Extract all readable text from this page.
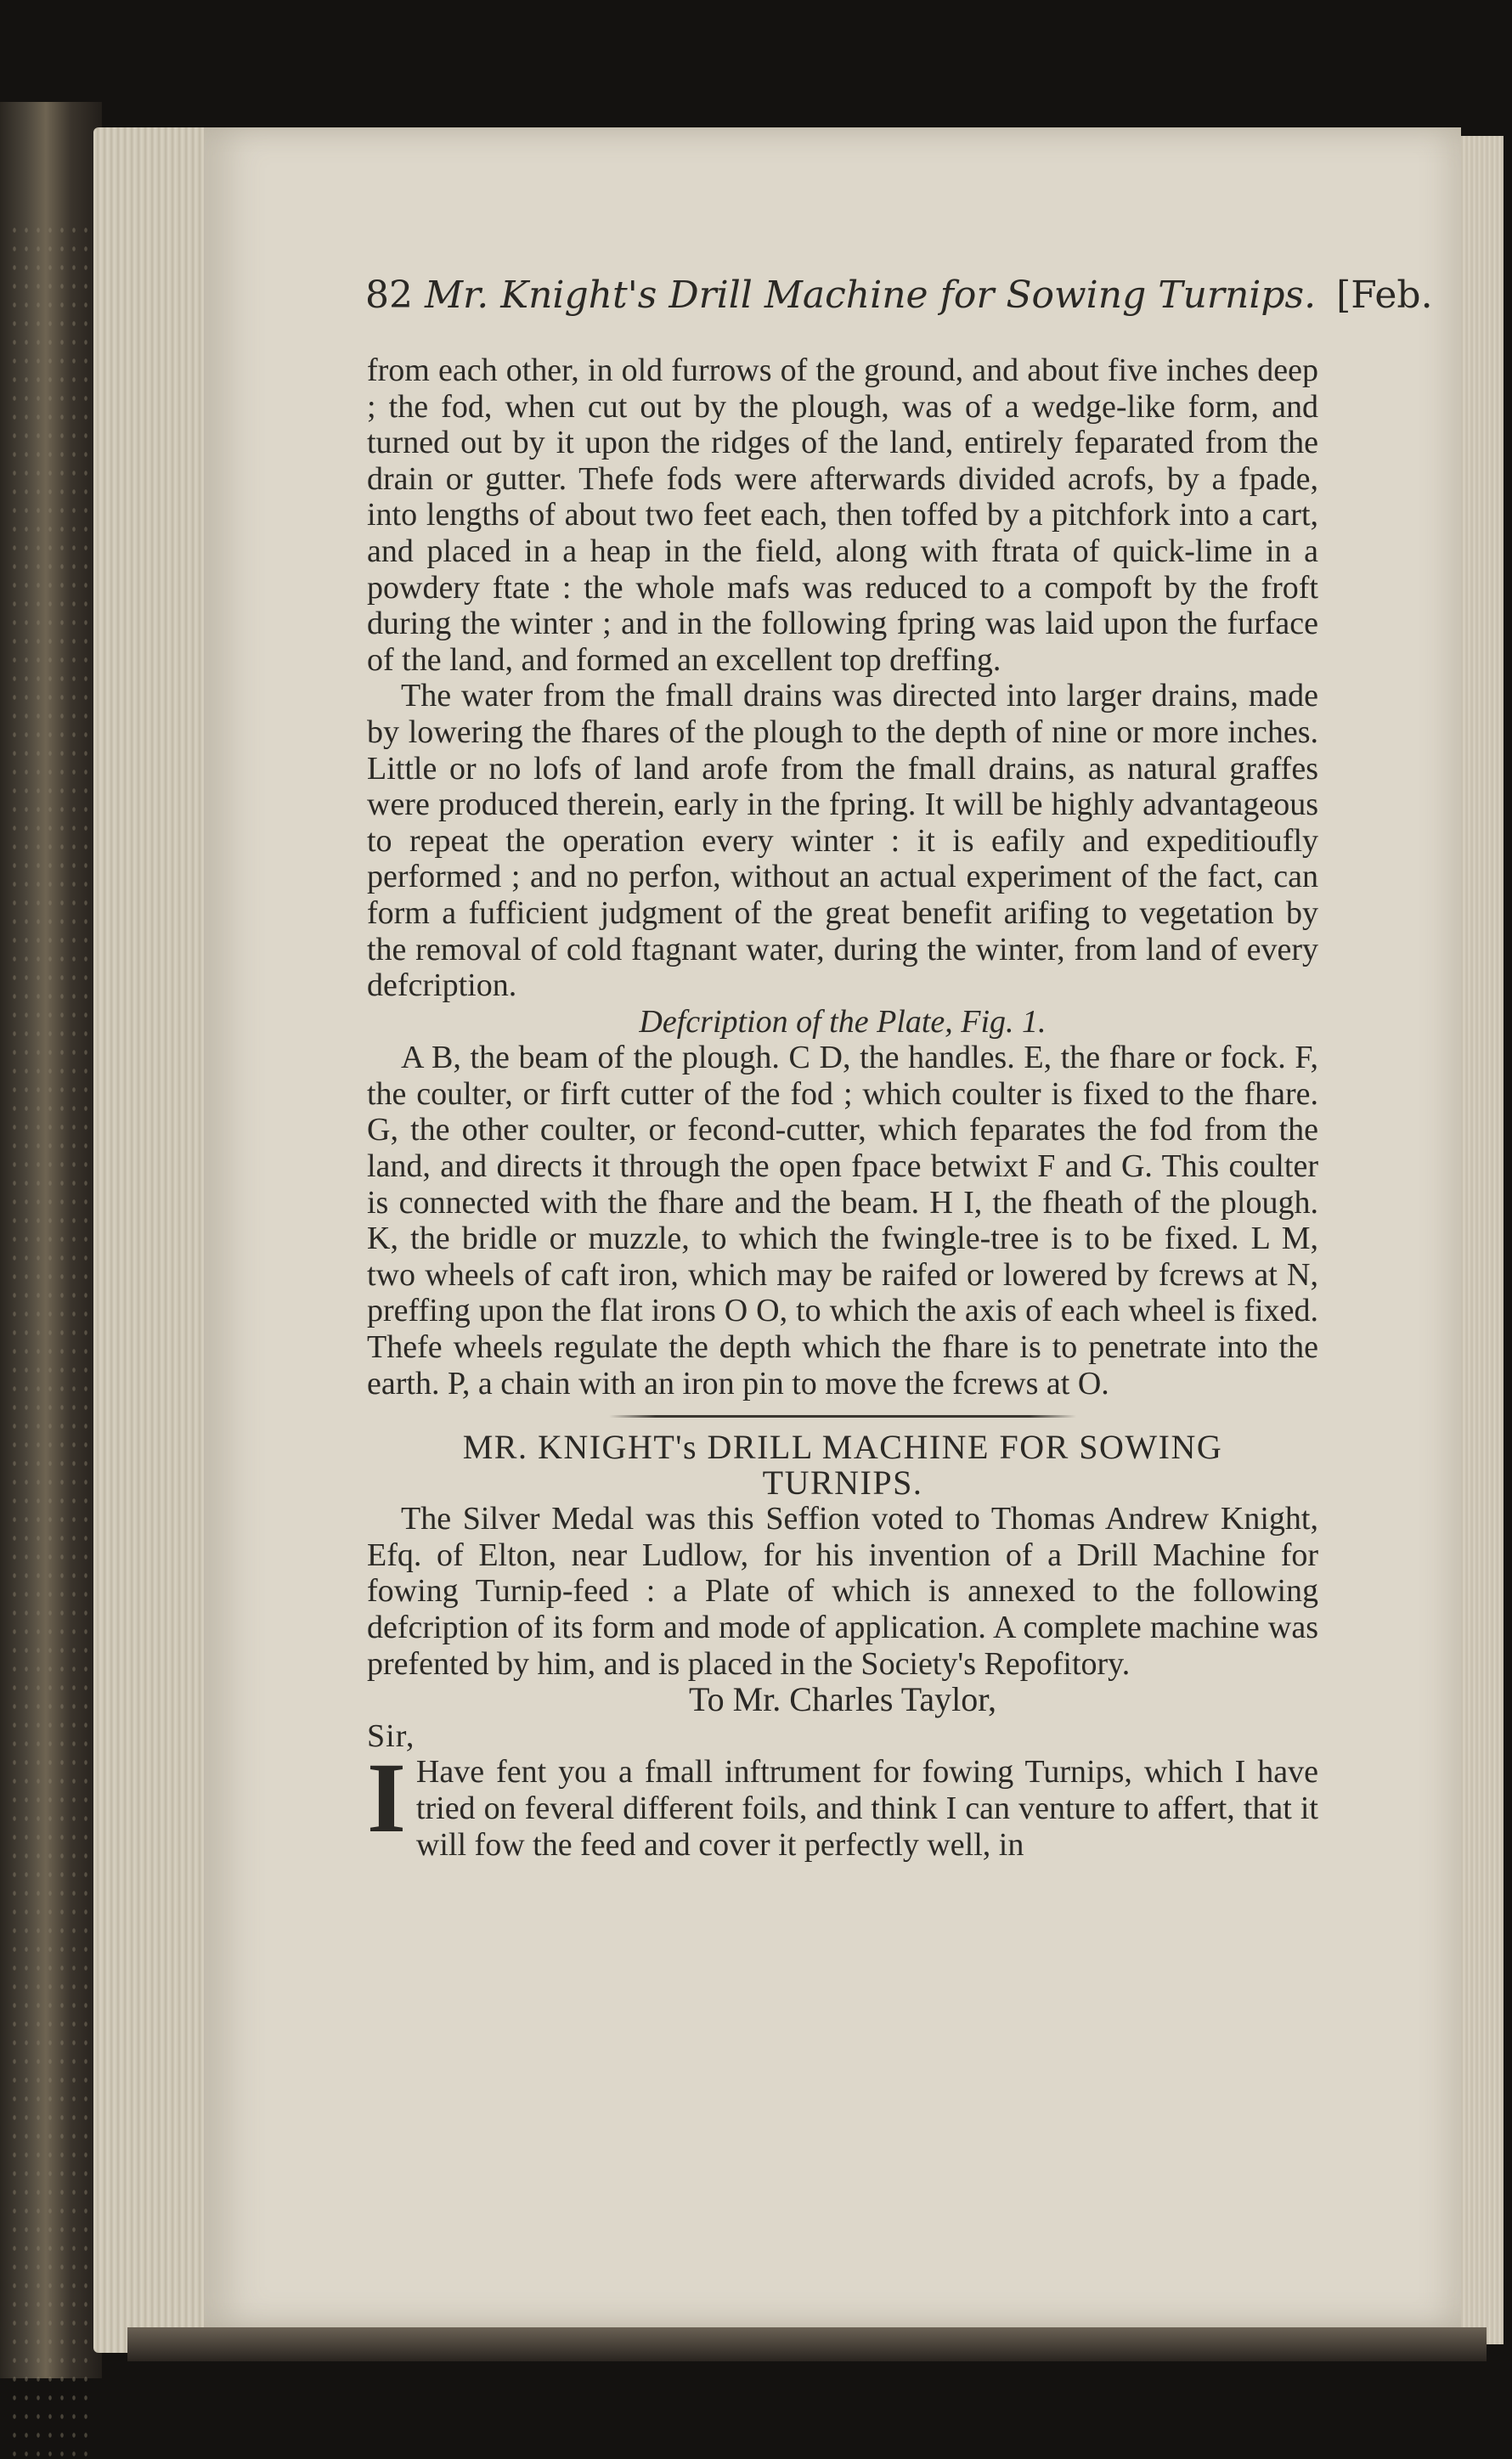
82 Mr. Knight's Drill Machine for Sowing Turnips. [Feb.

from each other, in old furrows of the ground, and about five inches deep ; the fod, when cut out by the plough, was of a wedge-like form, and turned out by it upon the ridges of the land, entirely feparated from the drain or gutter. Thefe fods were afterwards divided acrofs, by a fpade, into lengths of about two feet each, then toffed by a pitchfork into a cart, and placed in a heap in the field, along with ftrata of quick-lime in a powdery ftate : the whole mafs was reduced to a compoft by the froft during the winter ; and in the following fpring was laid upon the furface of the land, and formed an excellent top dreffing.

The water from the fmall drains was directed into larger drains, made by lowering the fhares of the plough to the depth of nine or more inches. Little or no lofs of land arofe from the fmall drains, as natural graffes were produced therein, early in the fpring. It will be highly advantageous to repeat the operation every winter : it is eafily and expeditioufly performed ; and no perfon, without an actual experiment of the fact, can form a fufficient judgment of the great benefit arifing to vegetation by the removal of cold ftagnant water, during the winter, from land of every defcription.

Defcription of the Plate, Fig. 1.

A B, the beam of the plough. C D, the handles. E, the fhare or fock. F, the coulter, or firft cutter of the fod ; which coulter is fixed to the fhare. G, the other coulter, or fecond-cutter, which feparates the fod from the land, and directs it through the open fpace betwixt F and G. This coulter is connected with the fhare and the beam. H I, the fheath of the plough. K, the bridle or muzzle, to which the fwingle-tree is to be fixed. L M, two wheels of caft iron, which may be raifed or lowered by fcrews at N, preffing upon the flat irons O O, to which the axis of each wheel is fixed. Thefe wheels regulate the depth which the fhare is to penetrate into the earth. P, a chain with an iron pin to move the fcrews at O.

MR. KNIGHT's DRILL MACHINE FOR SOWING

TURNIPS.

The Silver Medal was this Seffion voted to Thomas Andrew Knight, Efq. of Elton, near Ludlow, for his invention of a Drill Machine for fowing Turnip-feed : a Plate of which is annexed to the following defcription of its form and mode of application. A complete machine was prefented by him, and is placed in the Society's Repofitory.

To Mr. Charles Taylor,

Sir,

I Have fent you a fmall inftrument for fowing Turnips, which I have tried on feveral different foils, and think I can venture to affert, that it will fow the feed and cover it perfectly well, in
